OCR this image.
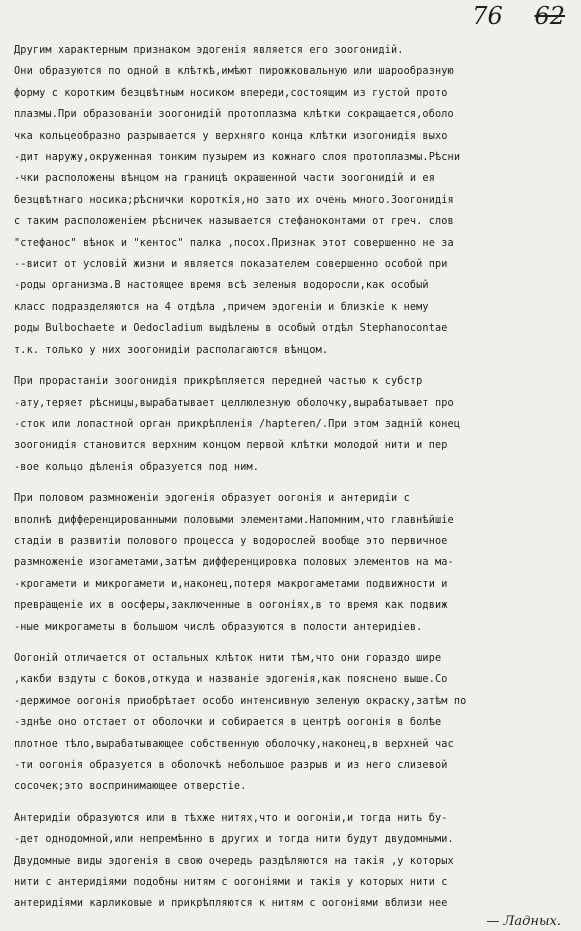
76 62
Другим характерным признаком эдогенія является его зоогонидій.
Они образуются по одной в клѣткѣ,имѣют пирожковальную или шарообразную
форму с коротким безцвѣтным носиком впереди,состоящим из густой прото
плазмы.При образованіи зоогонидій протоплазма клѣтки сокращается,оболо
чка кольцеобразно разрывается у верхняго конца клѣтки изогонидія выхо
-дит наружу,окруженная тонким пузырем из кожнаго слоя протоплазмы.Рѣсни
-чки расположены вѣнцом на границѣ окрашенной части зоогонидій и ея
безцвѣтнаго носика;рѣснички короткія,но зато их очень много.Зоогонидія
с таким расположеніем рѣсничек называется стефаноконтами от греч. слов
"стефанос" вѣнок и "кентос" палка ,посох.Признак этот совершенно не за
--висит от условій жизни и является показателем совершенно особой при
-роды организма.В настоящее время всѣ зеленыя водоросли,как особый
класс подразделяются на 4 отдѣла ,причем эдогеніи и близкіе к нему
роды Bulbochaete и Oedocladium выдѣлены в особый отдѣл Stephanocontae
т.к. только у них зоогонидіи располагаются вѣнцом.
При прорастаніи зоогонидія прикрѣпляется передней частью к субстр
-ату,теряет рѣсницы,вырабатывает целлюлезную оболочку,вырабатывает про
-сток или лопастной орган прикрѣпленія /hapteren/.При этом задній конец
зоогонидія становится верхним концом первой клѣтки молодой нити и пер
-вое кольцо дѣленія образуется под ним.
При половом размноженіи эдогенія образует оогонія и антеридіи с
вполнѣ дифференцированными половыми элементами.Напомним,что главнѣйшіе
стадіи в развитіи полового процесса у водорослей вообще это первичное
размноженіе изогаметами,затѣм дифференцировка половых элементов на ма-
-крогамети и микрогамети и,наконец,потеря макрогаметами подвижности и
превращеніе их в ооcферы,заключенные в оогоніях,в то время как подвиж
-ные микрогаметы в большом числѣ образуются в полости антеридіев.
Оогоній отличается от остальных клѣток нити тѣм,что они гораздо шире
,какби вздуты с боков,откуда и названіе эдогенія,как пояснено выше.Со
-держимое оогонія приобрѣтает особо интенсивную зеленую окраску,затѣм по
-зднѣе оно отстает от оболочки и собирается в центрѣ оогонія в болѣе
плотное тѣло,вырабатывающее собственную оболочку,наконец,в верхней час
-ти оогонія образуется в оболочкѣ небольшое разрыв и из него слизевой
сосочек;это воспринимающее отверстіе.
Антеридіи образуются или в тѣхже нитях,что и оогоніи,и тогда нить бу-
-дет однодомной,или непремѣнно в других и тогда нити будут двудомными.
Двудомные виды эдогенія в свою очередь раздѣляются на такія ,у которых
нити с антеридіями подобны нитям с оогоніями и такія у которых нити с
антеридіями карликовые и прикрѣпляются к нитям с оогоніями вблизи нее
— Ладных.
